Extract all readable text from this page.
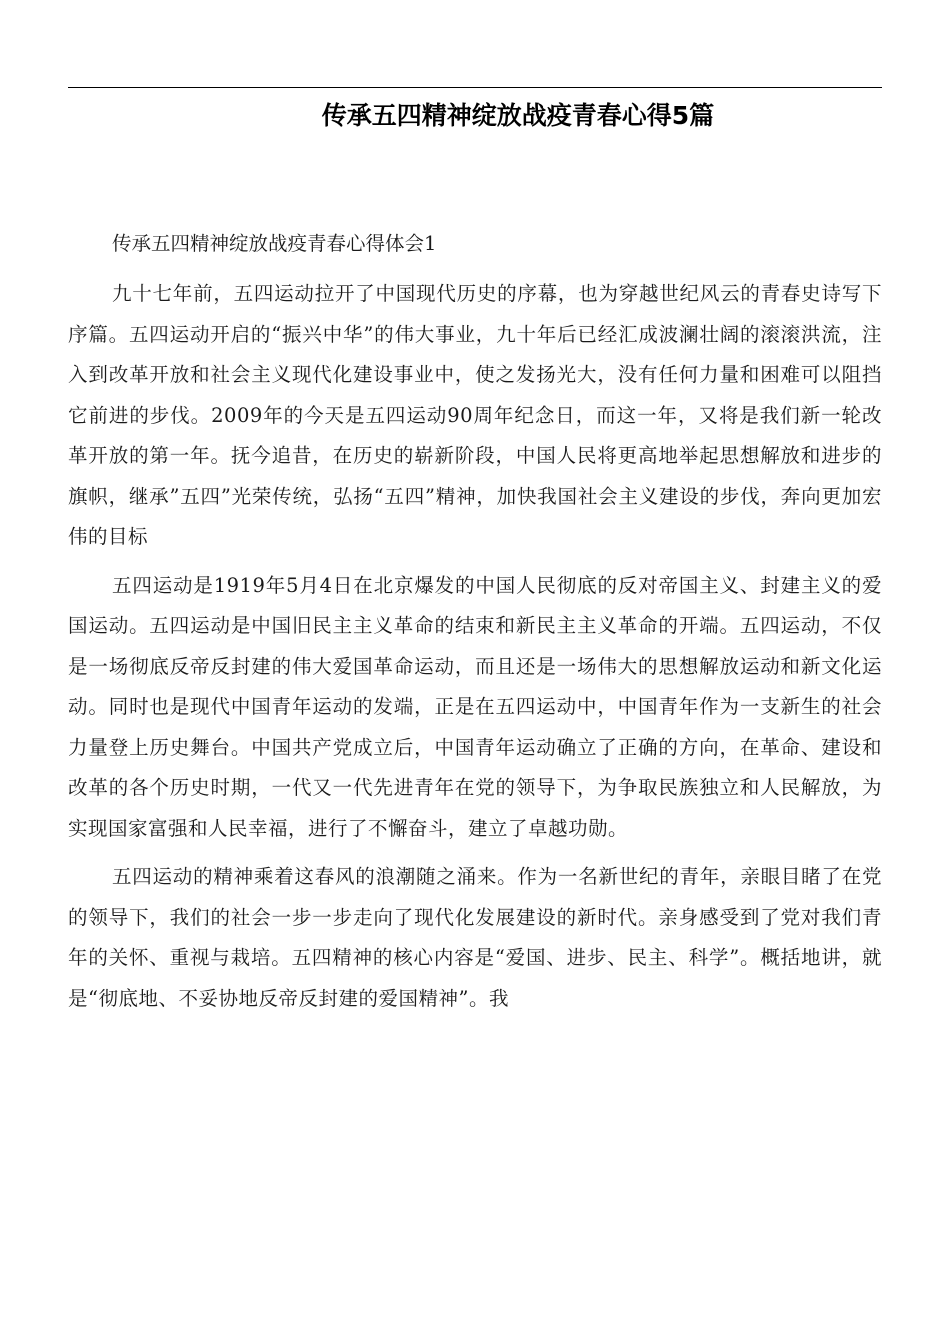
传承五四精神绽放战疫青春心得5篇

传承五四精神绽放战疫青春心得体会1

九十七年前，五四运动拉开了中国现代历史的序幕，也为穿越世纪风云的青春史诗写下序篇。五四运动开启的“振兴中华”的伟大事业，九十年后已经汇成波澜壮阔的滚滚洪流，注入到改革开放和社会主义现代化建设事业中，使之发扬光大，没有任何力量和困难可以阻挡它前进的步伐。2009年的今天是五四运动90周年纪念日，而这一年，又将是我们新一轮改革开放的第一年。抚今追昔，在历史的崭新阶段，中国人民将更高地举起思想解放和进步的旗帜，继承”五四”光荣传统，弘扬“五四”精神，加快我国社会主义建设的步伐，奔向更加宏伟的目标

五四运动是1919年5月4日在北京爆发的中国人民彻底的反对帝国主义、封建主义的爱国运动。五四运动是中国旧民主主义革命的结束和新民主主义革命的开端。五四运动，不仅是一场彻底反帝反封建的伟大爱国革命运动，而且还是一场伟大的思想解放运动和新文化运动。同时也是现代中国青年运动的发端，正是在五四运动中，中国青年作为一支新生的社会力量登上历史舞台。中国共产党成立后，中国青年运动确立了正确的方向，在革命、建设和改革的各个历史时期，一代又一代先进青年在党的领导下，为争取民族独立和人民解放，为实现国家富强和人民幸福，进行了不懈奋斗，建立了卓越功勋。

五四运动的精神乘着这春风的浪潮随之涌来。作为一名新世纪的青年，亲眼目睹了在党的领导下，我们的社会一步一步走向了现代化发展建设的新时代。亲身感受到了党对我们青年的关怀、重视与栽培。五四精神的核心内容是“爱国、进步、民主、科学”。概括地讲，就是“彻底地、不妥协地反帝反封建的爱国精神”。我
